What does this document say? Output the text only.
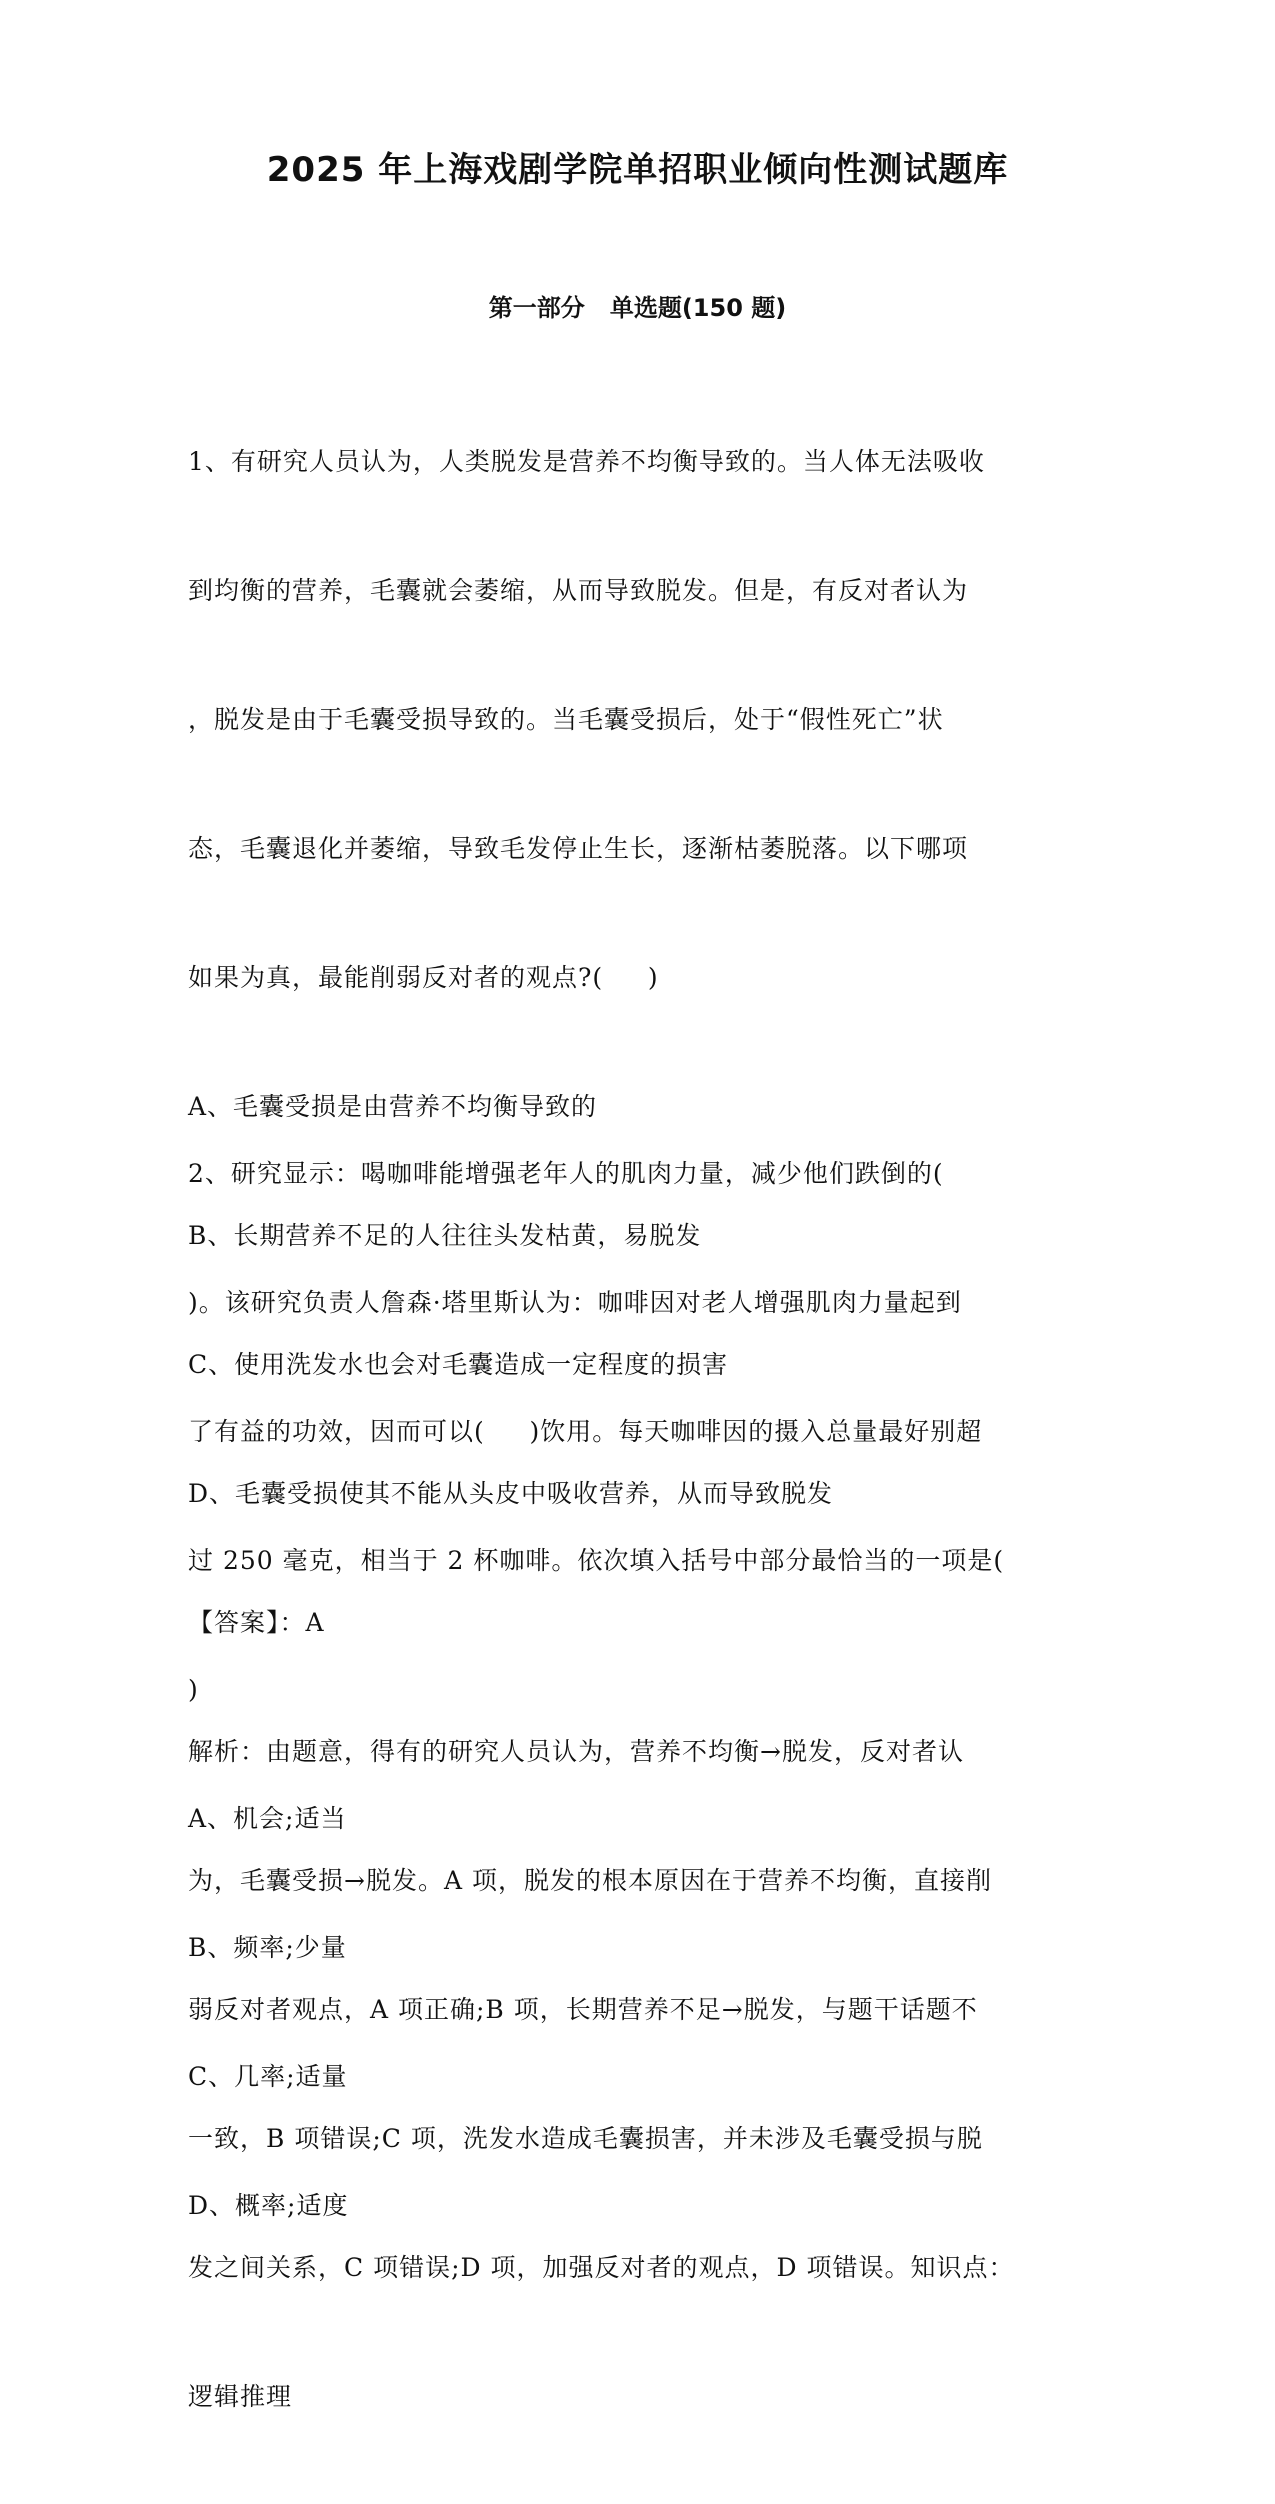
2025 年上海戏剧学院单招职业倾向性测试题库
第一部分   单选题(150 题)

1、有研究人员认为，人类脱发是营养不均衡导致的。当人体无法吸收

到均衡的营养，毛囊就会萎缩，从而导致脱发。但是，有反对者认为

，脱发是由于毛囊受损导致的。当毛囊受损后，处于“假性死亡”状

态，毛囊退化并萎缩，导致毛发停止生长，逐渐枯萎脱落。以下哪项

如果为真，最能削弱反对者的观点?(     )

A、毛囊受损是由营养不均衡导致的

B、长期营养不足的人往往头发枯黄，易脱发

C、使用洗发水也会对毛囊造成一定程度的损害

D、毛囊受损使其不能从头皮中吸收营养，从而导致脱发

【答案】：A

解析：由题意，得有的研究人员认为，营养不均衡→脱发，反对者认

为，毛囊受损→脱发。A 项，脱发的根本原因在于营养不均衡，直接削

弱反对者观点，A 项正确;B 项，长期营养不足→脱发，与题干话题不

一致，B 项错误;C 项，洗发水造成毛囊损害，并未涉及毛囊受损与脱

发之间关系，C 项错误;D 项，加强反对者的观点，D 项错误。知识点：

逻辑推理

2、研究显示：喝咖啡能增强老年人的肌肉力量，减少他们跌倒的(

)。该研究负责人詹森·塔里斯认为：咖啡因对老人增强肌肉力量起到

了有益的功效，因而可以(     )饮用。每天咖啡因的摄入总量最好别超

过 250 毫克，相当于 2 杯咖啡。依次填入括号中部分最恰当的一项是(

)

A、机会;适当

B、频率;少量

C、几率;适量

D、概率;适度
